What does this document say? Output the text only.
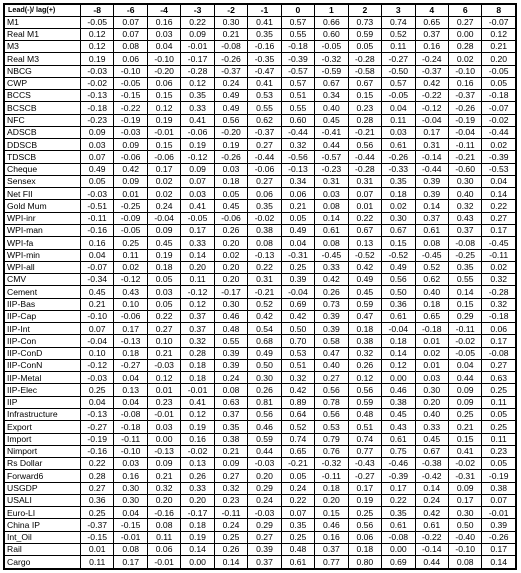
Lead(-)/ lag(+)	-8	-6	-4	-3	-2	-1	0	1	2	3	4	6	8
M1	-0.05	0.07	0.16	0.22	0.30	0.41	0.57	0.66	0.73	0.74	0.65	0.27	-0.07
Real M1	0.12	0.07	0.03	0.09	0.21	0.35	0.55	0.60	0.59	0.52	0.37	0.00	0.12
M3	0.12	0.08	0.04	-0.01	-0.08	-0.16	-0.18	-0.05	0.05	0.11	0.16	0.28	0.21
Real M3	0.19	0.06	-0.10	-0.17	-0.26	-0.35	-0.39	-0.32	-0.28	-0.27	-0.24	0.02	0.20
NBCG	-0.03	-0.10	-0.20	-0.28	-0.37	-0.47	-0.57	-0.59	-0.58	-0.50	-0.37	-0.10	-0.05
CWP	-0.02	-0.05	0.06	0.12	0.24	0.41	0.57	0.67	0.67	0.57	0.42	0.16	0.05
BCCS	-0.13	-0.15	0.15	0.35	0.49	0.53	0.51	0.34	0.15	-0.05	-0.22	-0.37	-0.18
BCSCB	-0.18	-0.22	0.12	0.33	0.49	0.55	0.55	0.40	0.23	0.04	-0.12	-0.26	-0.07
NFC	-0.23	-0.19	0.19	0.41	0.56	0.62	0.60	0.45	0.28	0.11	-0.04	-0.19	-0.02
ADSCB	0.09	-0.03	-0.01	-0.06	-0.20	-0.37	-0.44	-0.41	-0.21	0.03	0.17	-0.04	-0.44
DDSCB	0.03	0.09	0.15	0.19	0.19	0.27	0.32	0.44	0.56	0.61	0.31	-0.11	0.02
TDSCB	0.07	-0.06	-0.06	-0.12	-0.26	-0.44	-0.56	-0.57	-0.44	-0.26	-0.14	-0.21	-0.39
Cheque	0.49	0.42	0.17	0.09	0.03	-0.06	-0.13	-0.23	-0.28	-0.33	-0.44	-0.60	-0.53
Sensex	0.05	0.09	0.02	0.07	0.18	0.27	0.34	0.31	0.31	0.35	0.39	0.30	0.04
Net FII	-0.03	0.01	0.02	0.03	0.05	0.06	0.06	0.03	0.07	0.18	0.39	0.40	0.14
Gold Mum	-0.51	-0.25	0.24	0.41	0.45	0.35	0.21	0.08	0.01	0.02	0.14	0.32	0.22
WPI-inr	-0.11	-0.09	-0.04	-0.05	-0.06	-0.02	0.05	0.14	0.22	0.30	0.37	0.43	0.27
WPI-man	-0.16	-0.05	0.09	0.17	0.26	0.38	0.49	0.61	0.67	0.67	0.61	0.37	0.17
WPI-fa	0.16	0.25	0.45	0.33	0.20	0.08	0.04	0.08	0.13	0.15	0.08	-0.08	-0.45
WPI-min	0.04	0.11	0.19	0.14	0.02	-0.13	-0.31	-0.45	-0.52	-0.52	-0.45	-0.25	-0.11
WPI-all	-0.07	0.02	0.18	0.20	0.20	0.22	0.25	0.33	0.42	0.49	0.52	0.35	0.02
CMV	-0.34	-0.12	0.05	0.11	0.20	0.31	0.39	0.42	0.49	0.56	0.62	0.55	0.32
Cement	0.45	0.43	0.03	-0.12	-0.17	-0.21	-0.04	0.26	0.45	0.50	0.40	0.14	-0.28
IIP-Bas	0.21	0.10	0.05	0.12	0.30	0.52	0.69	0.73	0.59	0.36	0.18	0.15	0.32
IIP-Cap	-0.10	-0.06	0.22	0.37	0.46	0.42	0.42	0.39	0.47	0.61	0.65	0.29	-0.18
IIP-Int	0.07	0.17	0.27	0.37	0.48	0.54	0.50	0.39	0.18	-0.04	-0.18	-0.11	0.06
IIP-Con	-0.04	-0.13	0.10	0.32	0.55	0.68	0.70	0.58	0.38	0.18	0.01	-0.02	0.17
IIP-ConD	0.10	0.18	0.21	0.28	0.39	0.49	0.53	0.47	0.32	0.14	0.02	-0.05	-0.08
IIP-ConN	-0.12	-0.27	-0.03	0.18	0.39	0.50	0.51	0.40	0.26	0.12	0.01	0.04	0.27
IIP-Metal	-0.03	0.04	0.12	0.18	0.24	0.30	0.32	0.27	0.12	0.00	0.03	0.44	0.63
IIP-Elec	0.25	0.13	0.01	-0.01	0.08	0.26	0.42	0.56	0.56	0.46	0.30	0.09	0.25
IIP	0.04	0.04	0.23	0.41	0.63	0.81	0.89	0.78	0.59	0.38	0.20	0.09	0.11
Infrastructure	-0.13	-0.08	-0.01	0.12	0.37	0.56	0.64	0.56	0.48	0.45	0.40	0.25	0.05
Export	-0.27	-0.18	0.03	0.19	0.35	0.46	0.52	0.53	0.51	0.43	0.33	0.21	0.25
Import	-0.19	-0.11	0.00	0.16	0.38	0.59	0.74	0.79	0.74	0.61	0.45	0.15	0.11
Nimport	-0.16	-0.10	-0.13	-0.02	0.21	0.44	0.65	0.76	0.77	0.75	0.67	0.41	0.23
Rs Dollar	0.22	0.03	0.09	0.13	0.09	-0.03	-0.21	-0.32	-0.43	-0.46	-0.38	-0.02	0.05
Forward6	0.28	0.16	0.21	0.26	0.27	0.20	0.05	-0.11	-0.27	-0.39	-0.42	-0.31	-0.19
USGDP	0.27	0.30	0.32	0.33	0.32	0.29	0.24	0.18	0.17	0.17	0.14	0.09	0.38
USALI	0.36	0.30	0.20	0.20	0.23	0.24	0.22	0.20	0.19	0.22	0.24	0.17	0.07
Euro-LI	0.25	0.04	-0.16	-0.17	-0.11	-0.03	0.07	0.15	0.25	0.35	0.42	0.30	-0.01
China IP	-0.37	-0.15	0.08	0.18	0.24	0.29	0.35	0.46	0.56	0.61	0.61	0.50	0.39
Int_Oil	-0.15	-0.01	0.11	0.19	0.25	0.27	0.25	0.16	0.06	-0.08	-0.22	-0.40	-0.26
Rail	0.01	0.08	0.06	0.14	0.26	0.39	0.48	0.37	0.18	0.00	-0.14	-0.10	0.17
Cargo	0.11	0.17	-0.01	0.00	0.14	0.37	0.61	0.77	0.80	0.69	0.44	0.08	0.14
